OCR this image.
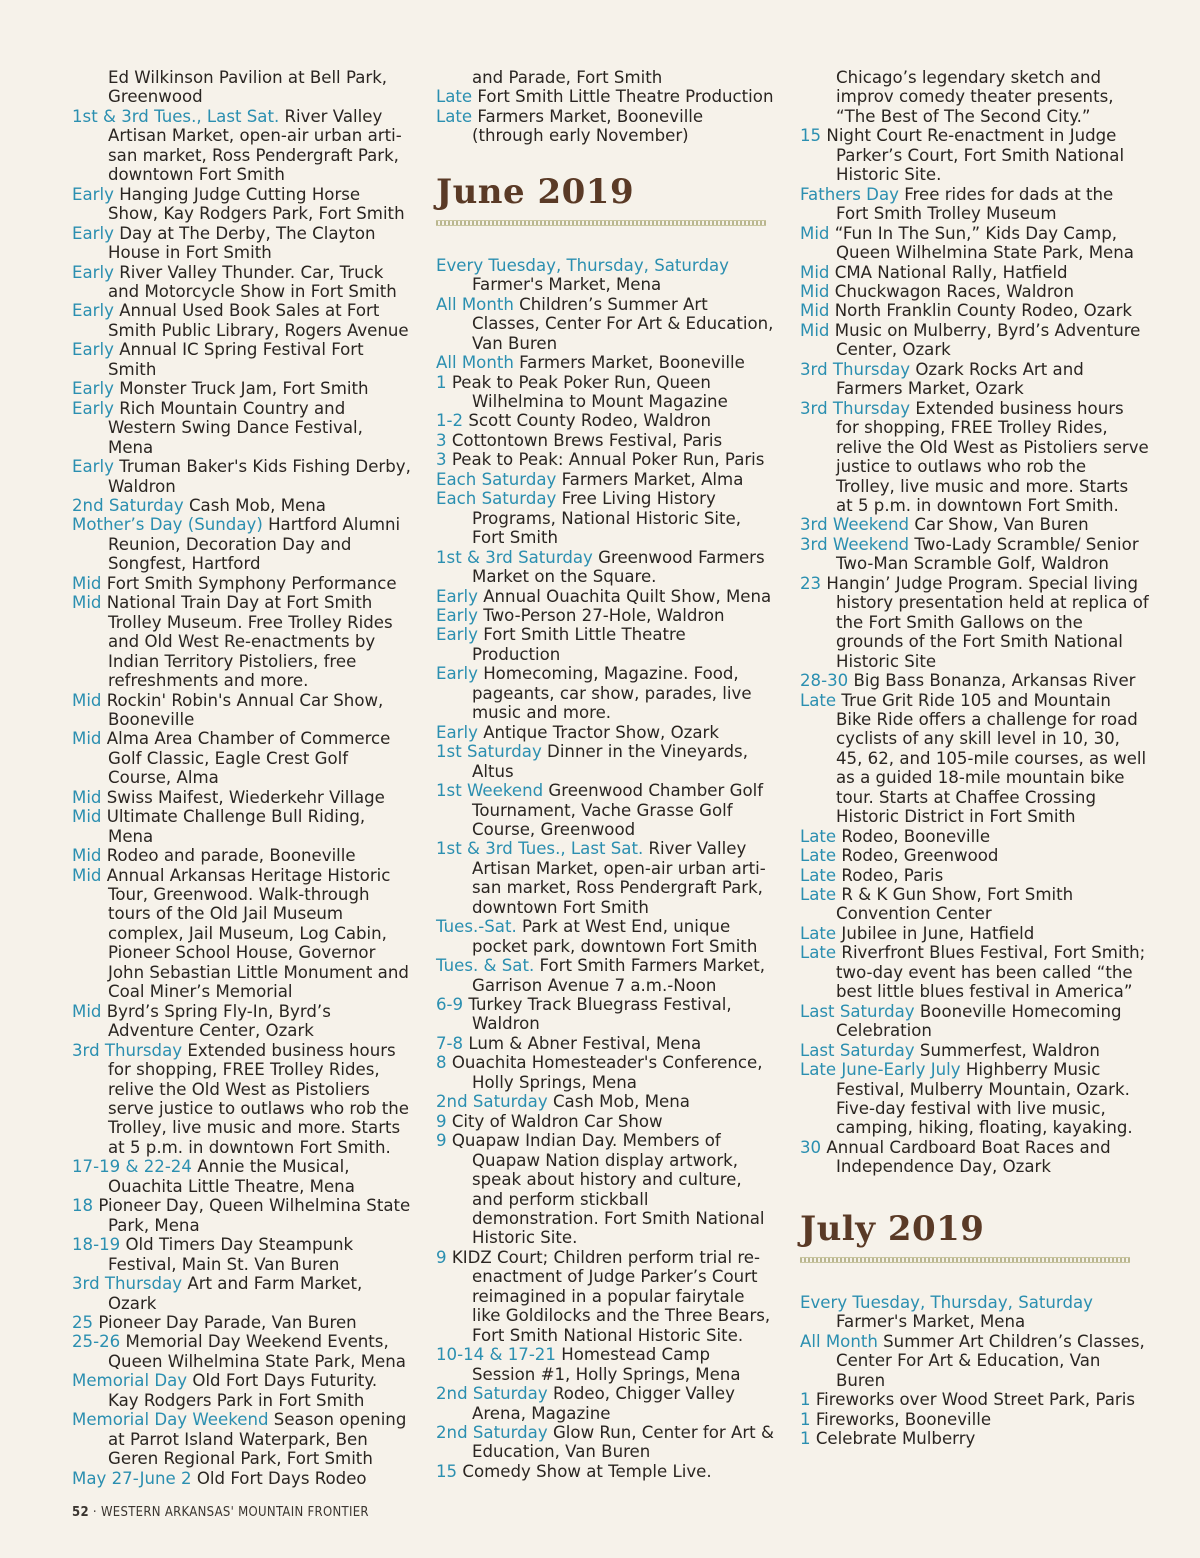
Ed Wilkinson Pavilion at Bell Park, Greenwood

1st & 3rd Tues., Last Sat. River Valley Artisan Market, open-air urban arti-san market, Ross Pendergraft Park, downtown Fort Smith

Early Hanging Judge Cutting Horse Show, Kay Rodgers Park, Fort Smith

Early Day at The Derby, The Clayton House in Fort Smith

Early River Valley Thunder. Car, Truck and Motorcycle Show in Fort Smith

Early Annual Used Book Sales at Fort Smith Public Library, Rogers Avenue

Early Annual IC Spring Festival Fort Smith

Early Monster Truck Jam, Fort Smith

Early Rich Mountain Country and Western Swing Dance Festival, Mena

Early Truman Baker's Kids Fishing Derby, Waldron

2nd Saturday Cash Mob, Mena

Mother’s Day (Sunday) Hartford Alumni Reunion, Decoration Day and Songfest, Hartford

Mid Fort Smith Symphony Performance

Mid National Train Day at Fort Smith Trolley Museum. Free Trolley Rides and Old West Re-enactments by Indian Territory Pistoliers, free refreshments and more.

Mid Rockin' Robin's Annual Car Show, Booneville

Mid Alma Area Chamber of Commerce Golf Classic, Eagle Crest Golf Course, Alma

Mid Swiss Maifest, Wiederkehr Village

Mid Ultimate Challenge Bull Riding, Mena

Mid Rodeo and parade, Booneville

Mid Annual Arkansas Heritage Historic Tour, Greenwood. Walk-through tours of the Old Jail Museum complex, Jail Museum, Log Cabin, Pioneer School House, Governor John Sebastian Little Monument and Coal Miner’s Memorial

Mid Byrd’s Spring Fly-In, Byrd’s Adventure Center, Ozark

3rd Thursday Extended business hours for shopping, FREE Trolley Rides, relive the Old West as Pistoliers serve justice to outlaws who rob the Trolley, live music and more. Starts at 5 p.m. in downtown Fort Smith.

17-19 & 22-24 Annie the Musical, Ouachita Little Theatre, Mena

18 Pioneer Day, Queen Wilhelmina State Park, Mena

18-19 Old Timers Day Steampunk Festival, Main St. Van Buren

3rd Thursday Art and Farm Market, Ozark

25 Pioneer Day Parade, Van Buren

25-26 Memorial Day Weekend Events, Queen Wilhelmina State Park, Mena

Memorial Day Old Fort Days Futurity. Kay Rodgers Park in Fort Smith

Memorial Day Weekend Season opening at Parrot Island Waterpark, Ben Geren Regional Park, Fort Smith

May 27-June 2 Old Fort Days Rodeo

and Parade, Fort Smith

Late Fort Smith Little Theatre Production

Late Farmers Market, Booneville (through early November)

June 2019

Every Tuesday, Thursday, Saturday Farmer's Market, Mena

All Month Children’s Summer Art Classes, Center For Art & Education, Van Buren

All Month Farmers Market, Booneville

1 Peak to Peak Poker Run, Queen Wilhelmina to Mount Magazine

1-2 Scott County Rodeo, Waldron

3 Cottontown Brews Festival, Paris

3 Peak to Peak: Annual Poker Run, Paris

Each Saturday Farmers Market, Alma

Each Saturday Free Living History Programs, National Historic Site, Fort Smith

1st & 3rd Saturday Greenwood Farmers Market on the Square.

Early Annual Ouachita Quilt Show, Mena

Early Two-Person 27-Hole, Waldron

Early Fort Smith Little Theatre Production

Early Homecoming, Magazine. Food, pageants, car show, parades, live music and more.

Early Antique Tractor Show, Ozark

1st Saturday Dinner in the Vineyards, Altus

1st Weekend Greenwood Chamber Golf Tournament, Vache Grasse Golf Course, Greenwood

1st & 3rd Tues., Last Sat. River Valley Artisan Market, open-air urban arti-san market, Ross Pendergraft Park, downtown Fort Smith

Tues.-Sat. Park at West End, unique pocket park, downtown Fort Smith

Tues. & Sat. Fort Smith Farmers Market, Garrison Avenue 7 a.m.-Noon

6-9 Turkey Track Bluegrass Festival, Waldron

7-8 Lum & Abner Festival, Mena

8 Ouachita Homesteader's Conference, Holly Springs, Mena

2nd Saturday Cash Mob, Mena

9 City of Waldron Car Show

9 Quapaw Indian Day. Members of Quapaw Nation display artwork, speak about history and culture, and perform stickball demonstration. Fort Smith National Historic Site.

9 KIDZ Court; Children perform trial re-enactment of Judge Parker’s Court reimagined in a popular fairytale like Goldilocks and the Three Bears, Fort Smith National Historic Site.

10-14 & 17-21 Homestead Camp Session #1, Holly Springs, Mena

2nd Saturday Rodeo, Chigger Valley Arena, Magazine

2nd Saturday Glow Run, Center for Art & Education, Van Buren

15 Comedy Show at Temple Live.

Chicago’s legendary sketch and improv comedy theater presents, “The Best of The Second City.”

15 Night Court Re-enactment in Judge Parker’s Court, Fort Smith National Historic Site.

Fathers Day Free rides for dads at the Fort Smith Trolley Museum

Mid “Fun In The Sun,” Kids Day Camp, Queen Wilhelmina State Park, Mena

Mid CMA National Rally, Hatfield

Mid Chuckwagon Races, Waldron

Mid North Franklin County Rodeo, Ozark

Mid Music on Mulberry, Byrd’s Adventure Center, Ozark

3rd Thursday Ozark Rocks Art and Farmers Market, Ozark

3rd Thursday Extended business hours for shopping, FREE Trolley Rides, relive the Old West as Pistoliers serve justice to outlaws who rob the Trolley, live music and more. Starts at 5 p.m. in downtown Fort Smith.

3rd Weekend Car Show, Van Buren

3rd Weekend Two-Lady Scramble/ Senior Two-Man Scramble Golf, Waldron

23 Hangin’ Judge Program. Special living history presentation held at replica of the Fort Smith Gallows on the grounds of the Fort Smith National Historic Site

28-30 Big Bass Bonanza, Arkansas River

Late True Grit Ride 105 and Mountain Bike Ride offers a challenge for road cyclists of any skill level in 10, 30, 45, 62, and 105-mile courses, as well as a guided 18-mile mountain bike tour. Starts at Chaffee Crossing Historic District in Fort Smith

Late Rodeo, Booneville

Late Rodeo, Greenwood

Late Rodeo, Paris

Late R & K Gun Show, Fort Smith Convention Center

Late Jubilee in June, Hatfield

Late Riverfront Blues Festival, Fort Smith; two-day event has been called “the best little blues festival in America”

Last Saturday Booneville Homecoming Celebration

Last Saturday Summerfest, Waldron

Late June-Early July Highberry Music Festival, Mulberry Mountain, Ozark. Five-day festival with live music, camping, hiking, floating, kayaking.

30 Annual Cardboard Boat Races and Independence Day, Ozark

July 2019

Every Tuesday, Thursday, Saturday Farmer's Market, Mena

All Month Summer Art Children’s Classes, Center For Art & Education, Van Buren

1 Fireworks over Wood Street Park, Paris

1 Fireworks, Booneville

1 Celebrate Mulberry

52 · WESTERN ARKANSAS' MOUNTAIN FRONTIER
